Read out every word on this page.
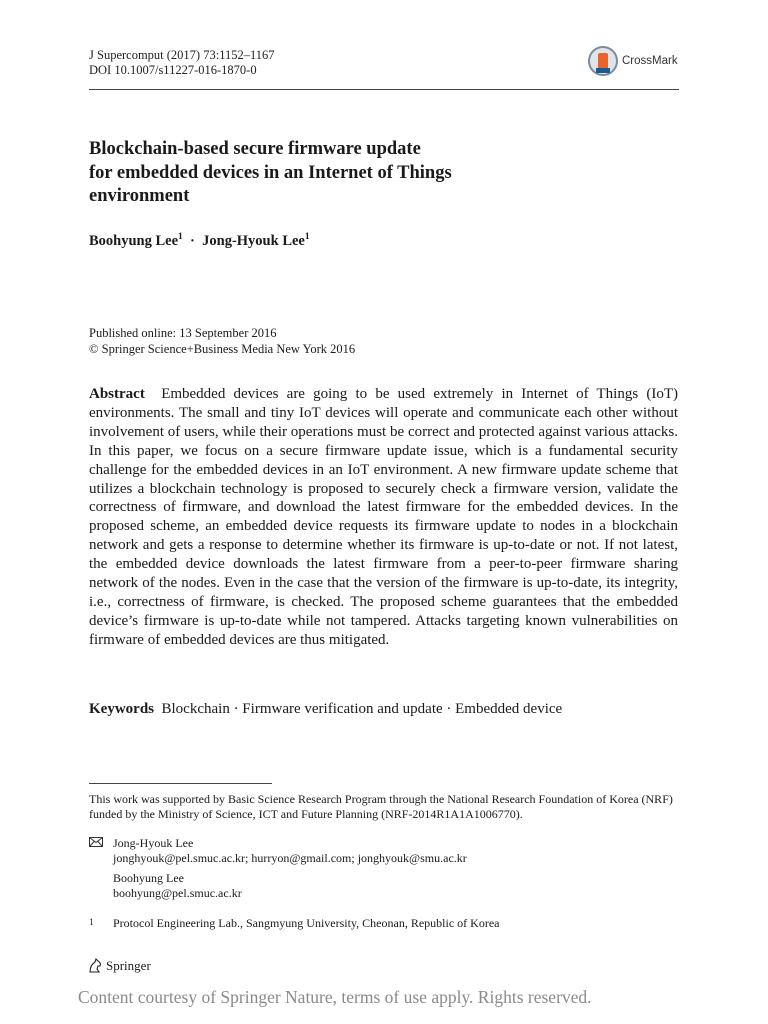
J Supercomput (2017) 73:1152–1167
DOI 10.1007/s11227-016-1870-0
CrossMark
Blockchain-based secure firmware update
for embedded devices in an Internet of Things
environment
Boohyung Lee$^1$ · Jong-Hyouk Lee$^1$
Published online: 13 September 2016
© Springer Science+Business Media New York 2016
Abstract Embedded devices are going to be used extremely in Internet of Things (IoT) environments. The small and tiny IoT devices will operate and communicate each other without involvement of users, while their operations must be correct and protected against various attacks. In this paper, we focus on a secure firmware update issue, which is a fundamental security challenge for the embedded devices in an IoT environment. A new firmware update scheme that utilizes a blockchain technology is proposed to securely check a firmware version, validate the correctness of firmware, and download the latest firmware for the embedded devices. In the proposed scheme, an embedded device requests its firmware update to nodes in a blockchain network and gets a response to determine whether its firmware is up-to-date or not. If not latest, the embedded device downloads the latest firmware from a peer-to-peer firmware sharing network of the nodes. Even in the case that the version of the firmware is up-to-date, its integrity, i.e., correctness of firmware, is checked. The proposed scheme guarantees that the embedded device’s firmware is up-to-date while not tampered. Attacks targeting known vulnerabilities on firmware of embedded devices are thus mitigated.
Keywords Blockchain · Firmware verification and update · Embedded device
This work was supported by Basic Science Research Program through the National Research Foundation of Korea (NRF) funded by the Ministry of Science, ICT and Future Planning (NRF-2014R1A1A1006770).
Jong-Hyouk Lee
jonghyouk@pel.smuc.ac.kr; hurryon@gmail.com; jonghyouk@smu.ac.kr
Boohyung Lee
boohyung@pel.smuc.ac.kr
1	Protocol Engineering Lab., Sangmyung University, Cheonan, Republic of Korea
Springer
Content courtesy of Springer Nature, terms of use apply. Rights reserved.
